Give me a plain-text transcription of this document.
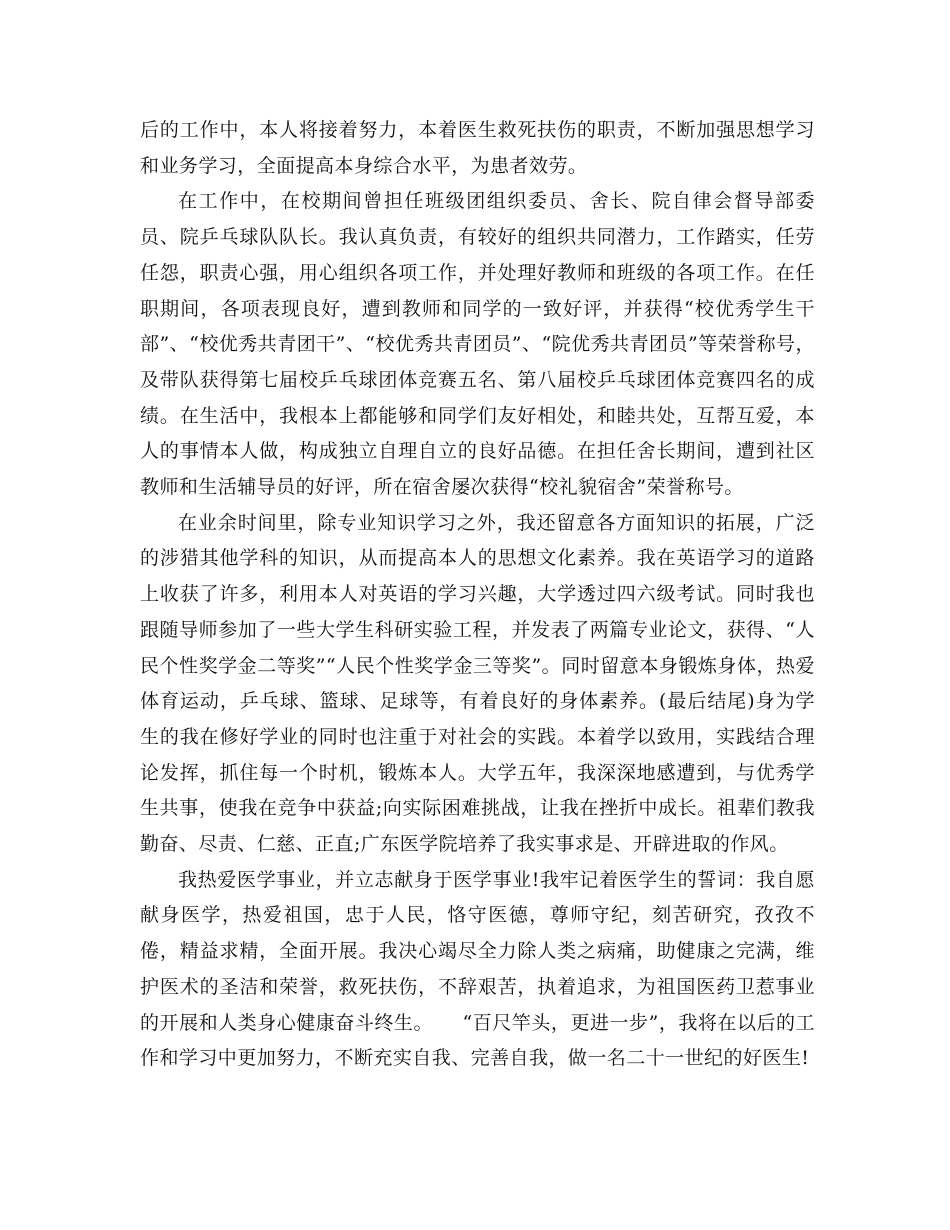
后的工作中，本人将接着努力，本着医生救死扶伤的职责，不断加强思想学习和业务学习，全面提高本身综合水平，为患者效劳。

在工作中，在校期间曾担任班级团组织委员、舍长、院自律会督导部委员、院乒乓球队队长。我认真负责，有较好的组织共同潜力，工作踏实，任劳任怨，职责心强，用心组织各项工作，并处理好教师和班级的各项工作。在任职期间，各项表现良好，遭到教师和同学的一致好评，并获得“校优秀学生干部”、“校优秀共青团干”、“校优秀共青团员”、“院优秀共青团员”等荣誉称号，及带队获得第七届校乒乓球团体竞赛五名、第八届校乒乓球团体竞赛四名的成绩。在生活中，我根本上都能够和同学们友好相处，和睦共处，互帮互爱，本人的事情本人做，构成独立自理自立的良好品德。在担任舍长期间，遭到社区教师和生活辅导员的好评，所在宿舍屡次获得“校礼貌宿舍”荣誉称号。

在业余时间里，除专业知识学习之外，我还留意各方面知识的拓展，广泛的涉猎其他学科的知识，从而提高本人的思想文化素养。我在英语学习的道路上收获了许多，利用本人对英语的学习兴趣，大学透过四六级考试。同时我也跟随导师参加了一些大学生科研实验工程，并发表了两篇专业论文，获得、“人民个性奖学金二等奖”“人民个性奖学金三等奖”。同时留意本身锻炼身体，热爱体育运动，乒乓球、篮球、足球等，有着良好的身体素养。(最后结尾)身为学生的我在修好学业的同时也注重于对社会的实践。本着学以致用，实践结合理论发挥，抓住每一个时机，锻炼本人。大学五年，我深深地感遭到，与优秀学生共事，使我在竞争中获益;向实际困难挑战，让我在挫折中成长。祖辈们教我勤奋、尽责、仁慈、正直;广东医学院培养了我实事求是、开辟进取的作风。

我热爱医学事业，并立志献身于医学事业!我牢记着医学生的誓词：我自愿献身医学，热爱祖国，忠于人民，恪守医德，尊师守纪，刻苦研究，孜孜不倦，精益求精，全面开展。我决心竭尽全力除人类之病痛，助健康之完满，维护医术的圣洁和荣誉，救死扶伤，不辞艰苦，执着追求，为祖国医药卫惹事业的开展和人类身心健康奋斗终生。　　“百尺竿头，更进一步”，我将在以后的工作和学习中更加努力，不断充实自我、完善自我，做一名二十一世纪的好医生!
